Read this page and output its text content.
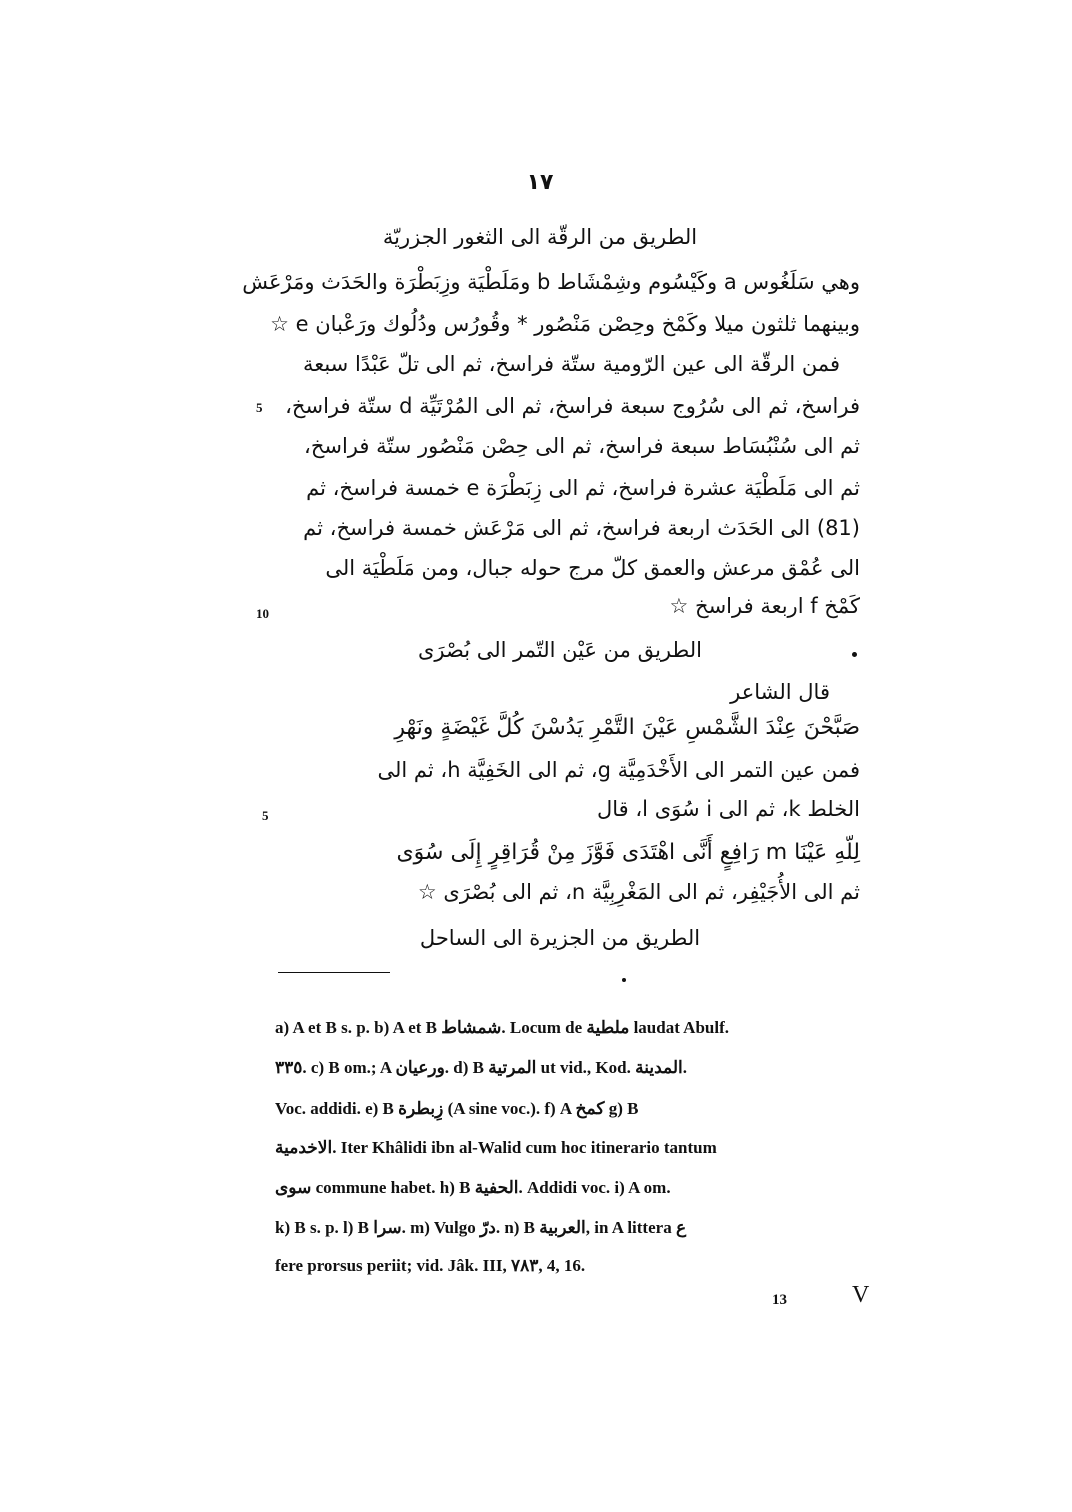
١٧
الطريق من الرقّة الى الثغور الجزريّة
وهي سَلَغُوس a وكَيْسُوم وشِمْشَاط b ومَلَطْيَة وزِبَطْرَة والحَدَث ومَرْعَش
وبينهما ثلثون ميلا وكَمْخ وحِصْن مَنْصُور * وقُورُس ودُلُوك ورَعْبان e ☆
فمن الرقّة الى عين الرّومية ستّة فراسخ، ثم الى تلّ عَبْدًا سبعة
فراسخ، ثم الى سُرُوج سبعة فراسخ، ثم الى المُرْتَيِّة d ستّة فراسخ،
ثم الى سُنْبُسَاط سبعة فراسخ، ثم الى حِصْن مَنْصُور ستّة فراسخ،
ثم الى مَلَطْيَة عشرة فراسخ، ثم الى زِبَطْرَة e خمسة فراسخ، ثم
(81) الى الحَدَث اربعة فراسخ، ثم الى مَرْعَش خمسة فراسخ، ثم
الى عُمْق مرعش والعمق كلّ مرج حوله جبال، ومن مَلَطْيَة الى
كَمْخ f اربعة فراسخ ☆
5
10
الطريق من عَيْن التّمر الى بُصْرَى
قال الشاعر
صَبَّحْنَ عِنْدَ الشَّمْسِ عَيْنَ التَّمْرِ يَدُسْنَ كُلَّ غَيْضَةٍ ونَهْرِ
فمن عين التمر الى الأَخْدَمِيَّة g، ثم الى الخَفِيَّة h، ثم الى
الخلط k، ثم الى i سُوَى l، قال
5
لِلّهِ عَيْنَا m رَافِعٍ أَنَّى اهْتَدَى فَوَّزَ مِنْ قُرَاقِرٍ إِلَى سُوَى
ثم الى الأُجَيْفِر، ثم الى المَغْرِبِيَّة n، ثم الى بُصْرَى ☆
الطريق من الجزيرة الى الساحل
a) A et B s. p. b) A et B شمشاط. Locum de ملطية laudat Abulf.
٣٣٥. c) B om.; A ورعيان. d) B المرتية ut vid., Kod. المدينة.
Voc. addidi. e) B زِبطرة (A sine voc.). f) A كمخ g) B
الاخدمية. Iter Khâlidi ibn al-Walid cum hoc itinerario tantum
سوى commune habet. h) B الحفية. Addidi voc. i) A om.
k) B s. p. l) B سرا. m) Vulgo درّ. n) B العربية, in A littera ع
fere prorsus periit; vid. Jâk. III, ٧٨٣, 4, 16.
13	V
